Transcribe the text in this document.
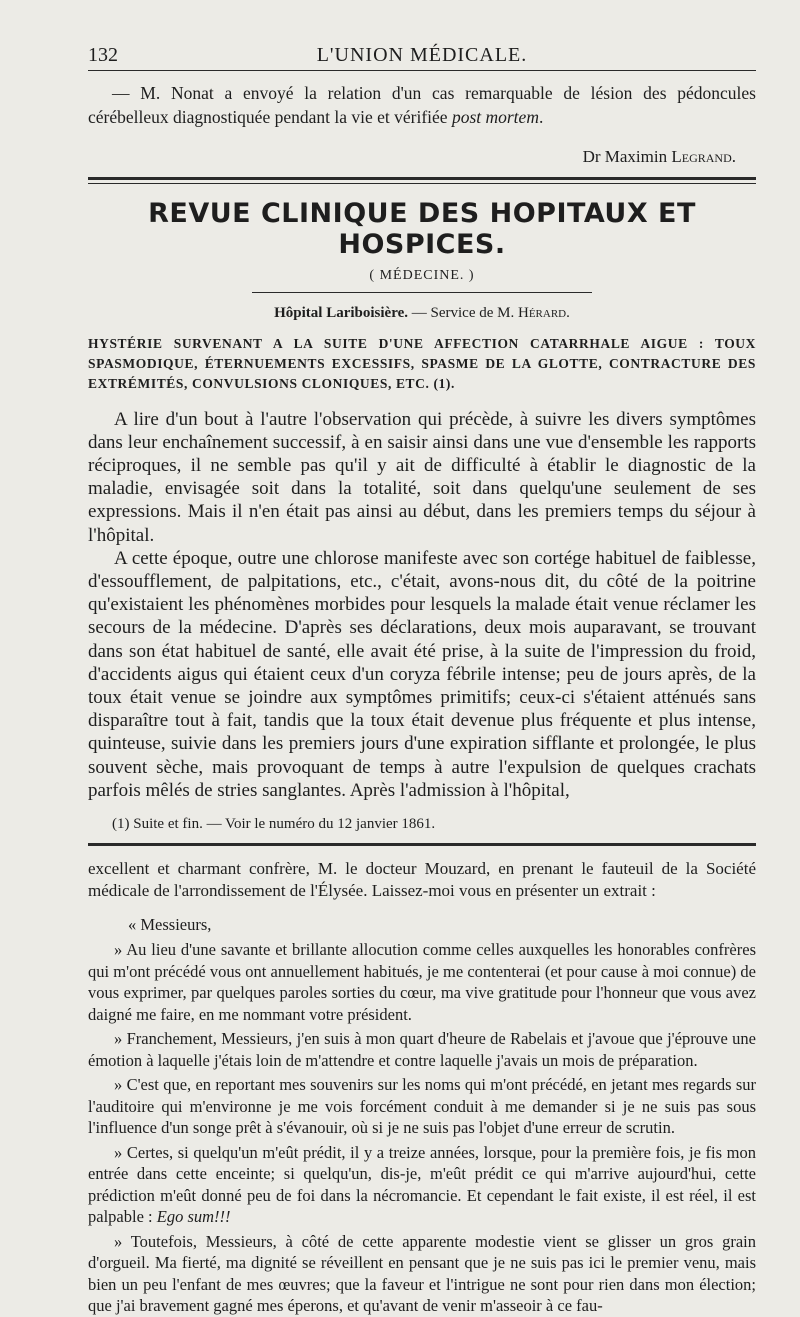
132	L'UNION MÉDICALE.

— M. Nonat a envoyé la relation d'un cas remarquable de lésion des pédoncules cérébelleux diagnostiquée pendant la vie et vérifiée post mortem.

Dr Maximin Legrand.
REVUE CLINIQUE DES HOPITAUX ET HOSPICES.
( MÉDECINE. )
Hôpital Lariboisière. — Service de M. Hérard.
HYSTÉRIE SURVENANT A LA SUITE D'UNE AFFECTION CATARRHALE AIGUE : TOUX SPASMODIQUE, ÉTERNUEMENTS EXCESSIFS, SPASME DE LA GLOTTE, CONTRACTURE DES EXTRÉMITÉS, CONVULSIONS CLONIQUES, ETC. (1).

A lire d'un bout à l'autre l'observation qui précède, à suivre les divers symptômes dans leur enchaînement successif, à en saisir ainsi dans une vue d'ensemble les rapports réciproques, il ne semble pas qu'il y ait de difficulté à établir le diagnostic de la maladie, envisagée soit dans la totalité, soit dans quelqu'une seulement de ses expressions. Mais il n'en était pas ainsi au début, dans les premiers temps du séjour à l'hôpital.

A cette époque, outre une chlorose manifeste avec son cortége habituel de faiblesse, d'essoufflement, de palpitations, etc., c'était, avons-nous dit, du côté de la poitrine qu'existaient les phénomènes morbides pour lesquels la malade était venue réclamer les secours de la médecine. D'après ses déclarations, deux mois auparavant, se trouvant dans son état habituel de santé, elle avait été prise, à la suite de l'impression du froid, d'accidents aigus qui étaient ceux d'un coryza fébrile intense; peu de jours après, de la toux était venue se joindre aux symptômes primitifs; ceux-ci s'étaient atténués sans disparaître tout à fait, tandis que la toux était devenue plus fréquente et plus intense, quinteuse, suivie dans les premiers jours d'une expiration sifflante et prolongée, le plus souvent sèche, mais provoquant de temps à autre l'expulsion de quelques crachats parfois mêlés de stries sanglantes. Après l'admission à l'hôpital,

(1) Suite et fin. — Voir le numéro du 12 janvier 1861.

excellent et charmant confrère, M. le docteur Mouzard, en prenant le fauteuil de la Société médicale de l'arrondissement de l'Élysée. Laissez-moi vous en présenter un extrait :

« Messieurs,

» Au lieu d'une savante et brillante allocution comme celles auxquelles les honorables confrères qui m'ont précédé vous ont annuellement habitués, je me contenterai (et pour cause à moi connue) de vous exprimer, par quelques paroles sorties du cœur, ma vive gratitude pour l'honneur que vous avez daigné me faire, en me nommant votre président.

» Franchement, Messieurs, j'en suis à mon quart d'heure de Rabelais et j'avoue que j'éprouve une émotion à laquelle j'étais loin de m'attendre et contre laquelle j'avais un mois de préparation.

» C'est que, en reportant mes souvenirs sur les noms qui m'ont précédé, en jetant mes regards sur l'auditoire qui m'environne je me vois forcément conduit à me demander si je ne suis pas sous l'influence d'un songe prêt à s'évanouir, où si je ne suis pas l'objet d'une erreur de scrutin.

» Certes, si quelqu'un m'eût prédit, il y a treize années, lorsque, pour la première fois, je fis mon entrée dans cette enceinte; si quelqu'un, dis-je, m'eût prédit ce qui m'arrive aujourd'hui, cette prédiction m'eût donné peu de foi dans la nécromancie. Et cependant le fait existe, il est réel, il est palpable : Ego sum!!!

» Toutefois, Messieurs, à côté de cette apparente modestie vient se glisser un gros grain d'orgueil. Ma fierté, ma dignité se réveillent en pensant que je ne suis pas ici le premier venu, mais bien un peu l'enfant de mes œuvres; que la faveur et l'intrigue ne sont pour rien dans mon élection; que j'ai bravement gagné mes éperons, et qu'avant de venir m'asseoir à ce fau-
